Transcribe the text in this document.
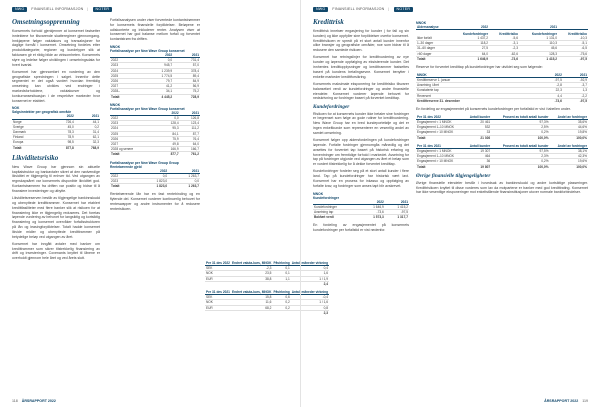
NWG	FINANSIELL INFORMASJON |	NOTER
Omsetningsopprenning

Konsernets forhold gjenkjenner at konsernet fastsetter inntektene for tilsvarende skatteregimer gjennomgang. Innkjøpene følger valutakurs og transaksjoner for daglige formål i konsernet. Omsetning fordeles etter produktkategorier, regioner og kundetyper slik at fakturaen gir et riktig bilde av virksomheten. Konsernets styre og ledelse følger utviklingen i omsetningsdata for hvert kvartal.

Konsernet har gjennomført en vurdering av den geografiske spredningen i salget. Innenfor dette segmentet er det også vurdert hvordan fremtidig omsetning kan utvikles ved endringer i markedsforholdene, valutakurser og konkurransesituasjon i de respektive markeder hvor konsernet er etablert.

NOK
Salgsinntekter per geografisk område
	2022	2021
Norge	726,4	44,1
Sverige	45,0	0,2
Danmark	78,3	31,4
Finland	78,9	62,1
Europa	98,5	32,3
Totalt	877,8	768,9
Likviditetsrisiko

New Wave Group har gjennom sin aktuelle kapitalstruktur og bankavtaler sikret at den nødvendige likviditet er tilgjengelig til enhver tid. Ved utgangen av regnskapsåret var konsernets disponible likviditet god. Kontantstrømmen fra driften var positiv og bidrar til å finansiere investeringer og utbytte.

Likviditetsreserven består av tilgjengelige bankinnskudd og ubenyttede kredittrammer. Konsernet har etablert kredittfasiliteter med flere banker slik at risikoen for at finansiering ikke er tilgjengelig reduseres. Det foretas løpende vurdering av behovet for langsiktig og kortsiktig finansiering og konsernet overvåker forfallsstrukturen på lån og leasingforpliktelser. Totalt hadde konsernet likvide midler og ubenyttede kredittrammer på betydelige beløp ved utgangen av året.

Konsernet har inngått avtaler med banker om kredittrammer som sikrer tilstrekkelig finansiering av drift og investeringer. Covenants knyttet til lånene er overholdt gjennom hele året og ved årets slutt.

Forfallsanalysen under viser forventede kontantstrømmer for konsernets finansielle forpliktelser. Beløpene er udiskonterte og inkluderer renter. Analysen viser at konsernet har god balanse mellom forfall og forventet kontantstrøm fra driften.

MNOK
Forfallsanalyse per New Wave Group konsernet
	2022	2021
2022	0,0	731,4
2023	945,7	57,0
2024	1 239,9	378,4
2025	1 774,5	89,4
2026	79,7	84,9
2027	41,2	56,9
2028–	34,1	75,2
Totalt	4 445,2	728,9
MNOK
Forfallsanalyse per New Wave Group konsernet
	2022	2021
2022	0,0	126,8
2023	128,4	123,4
2024	95,3	111,2
2025	84,1	87,7
2026	75,9	76,4
2027	49,8	64,0
2028 og senere	166,9	166,7
Totalt	877,7	761,2
Forfallsanalyse per New Wave Group Group
Rentebærende gjeld
	2022	2021
2022	0,0	1 263,7
2023	1 823,0	0,0
Totalt	1 823,0	1 263,7

Rentebærende lån har en fast rentebinding og en flytende del. Konsernet vurderer kontinuerlig behovet for renteswapper og andre instrumenter for å redusere renterisikoen.

Per 31 des 2022	Endret valuta-kurs, MNOK	Påvirkning	Antall måneder virkning
SEK	-2,3	0,1	0,4
NOK	23,5	0,1	1,6
EUR	38,8	1,1	1 / 1,9
			2,4
Per 31 des 2021	Endret valuta-kurs, MNOK	Påvirkning	Antall måneder virkning
SEK	15,8	0,6	-0,4
NOK	11,6	0,2	1 / 1,6
EUR	68,2	0,2	0,8
			2,3
118 ÅRSRAPPORT 2022
NWG	FINANSIELL INFORMASJON |	NOTER
Kredittrisk

Kredittrisk innebær engasjering for kunder ( for fall og sin kunden) og ikke oppfyller sine forpliktelser overfor konsernet. Kredittrisikoen er spredt på et stort antall kunder innenfor ulike bransjer og geografiske områder, noe som bidrar til å redusere den samlede risikoen.

Konsernet har retningslinjer for kredittvurdering av nye kunder og løpende oppfølging av eksisterende kunder. Det innhentes kredittopplysninger og kredittrammer fastsettes basert på kundens betalingsevne. Konsernet benytter i enkelte markeder kredittforsikring.

Konsernets maksimale eksponering for kredittrisiko tilsvarer balanseført verdi av kundefordringer og andre finansielle eiendeler. Konsernet vurderer løpende behovet for nedskrivning av fordringer basert på forventet kredittap.

Kundefordringer

Risikoen for at konsernets kunder ikke betaler sine fordringer er begrenset som følge av gode rutiner for kredittvurdering. New Wave Group har en bred kundeportefølje og det er ingen enkeltkunde som representerer en vesentlig andel av samlet omsetning.

Konsernet følger opp aldersfordelingen på kundefordringer løpende. Forfalte fordringer gjennomgås månedlig og det avsettes for forventet tap basert på historisk erfaring og forventninger om fremtidige forhold i markedet. Avsetning for tap på fordringer utgjorde ved utgangen av året et beløp som er vurdert tilstrekkelig for å dekke forventet kredittap.

Kundefordringer fordeler seg på et stort antall kunder i flere land. Tap på kundefordringer har historisk vært lavt. Konsernet har en prosess for inkasso og oppfølging av forfalte krav, og fordringer som anses tapt blir avskrevet.

MNOK
Kundefordringer
	2022	2021
Kundefordringer	1 646,9	1 415,2
Avsetning tap	-73,6	-97,5
Bokført verdi	1 573,3	1 317,7

En fordeling av engasjementet på konsernets kundefordringer per forfallstid er vist nedenfor.

MNOK
Aldersanalyse	2022		2021	
	Kundefordringer	Kredittrisiko	Kundefordringer	Kredittrisiko
Ikke forfalt	1 437,2	-5,6	1 131,0	-10,3
1–30 dager	118,2	-3,1	110,3	-5,1
31–60 dager	27,5	-2,3	45,6	-6,5
>60 dager	64,0	-62,6	128,3	-75,6
Totalt	1 646,9	-73,6	1 415,2	-97,5

Reserve for forventet kredittap på kundefordringer har utviklet seg som følgende:

MNOK	2022	2021
Kredittreserve 1. januar	-97,5	-92,9
Avsetning i året	-2,8	-3,7
Konstaterte tap	22,3	1,3
Reversert	4,4	-2,2
Kredittreserve 31. desember	-73,6	-97,5

En fordeling av engasjementet på konsernets kundefordringer per forfallstid er vist i tabellen under.

Per 31 des 2022	Antall kunder	Prosent av totalt antall kunder	Andel av fordringer
Engasjement < 1 MNOK	20 461	97,3%	35,6%
Engasjement 1–10 MNOK	532	2,5%	44,6%
Engasjement > 10 MNOK	33	0,2%	19,8%
Totalt	21 026	100,0%	100,0%
Per 31 des 2021	Antall kunder	Prosent av totalt antall kunder	Andel av fordringer
Engasjement < 1 MNOK	19 307	97,5%	38,1%
Engasjement 1–10 MNOK	464	2,3%	42,3%
Engasjement > 10 MNOK	36	0,2%	19,6%
Totalt	19 807	100,0%	100,0%
Øvrige finansielle tilgjengeligheter

Øvrige finansielle eiendeler består i hovedsak av bankinnskudd og andre kortsiktige plasseringer. Kredittrisikoen knyttet til disse vurderes som lav da motpartene er banker med god kredittrating. Konsernet har ikke vesentlige eksponeringer mot enkeltstående finansinstitusjoner utover normale bankforbindelser.

ÅRSRAPPORT 2022 119
